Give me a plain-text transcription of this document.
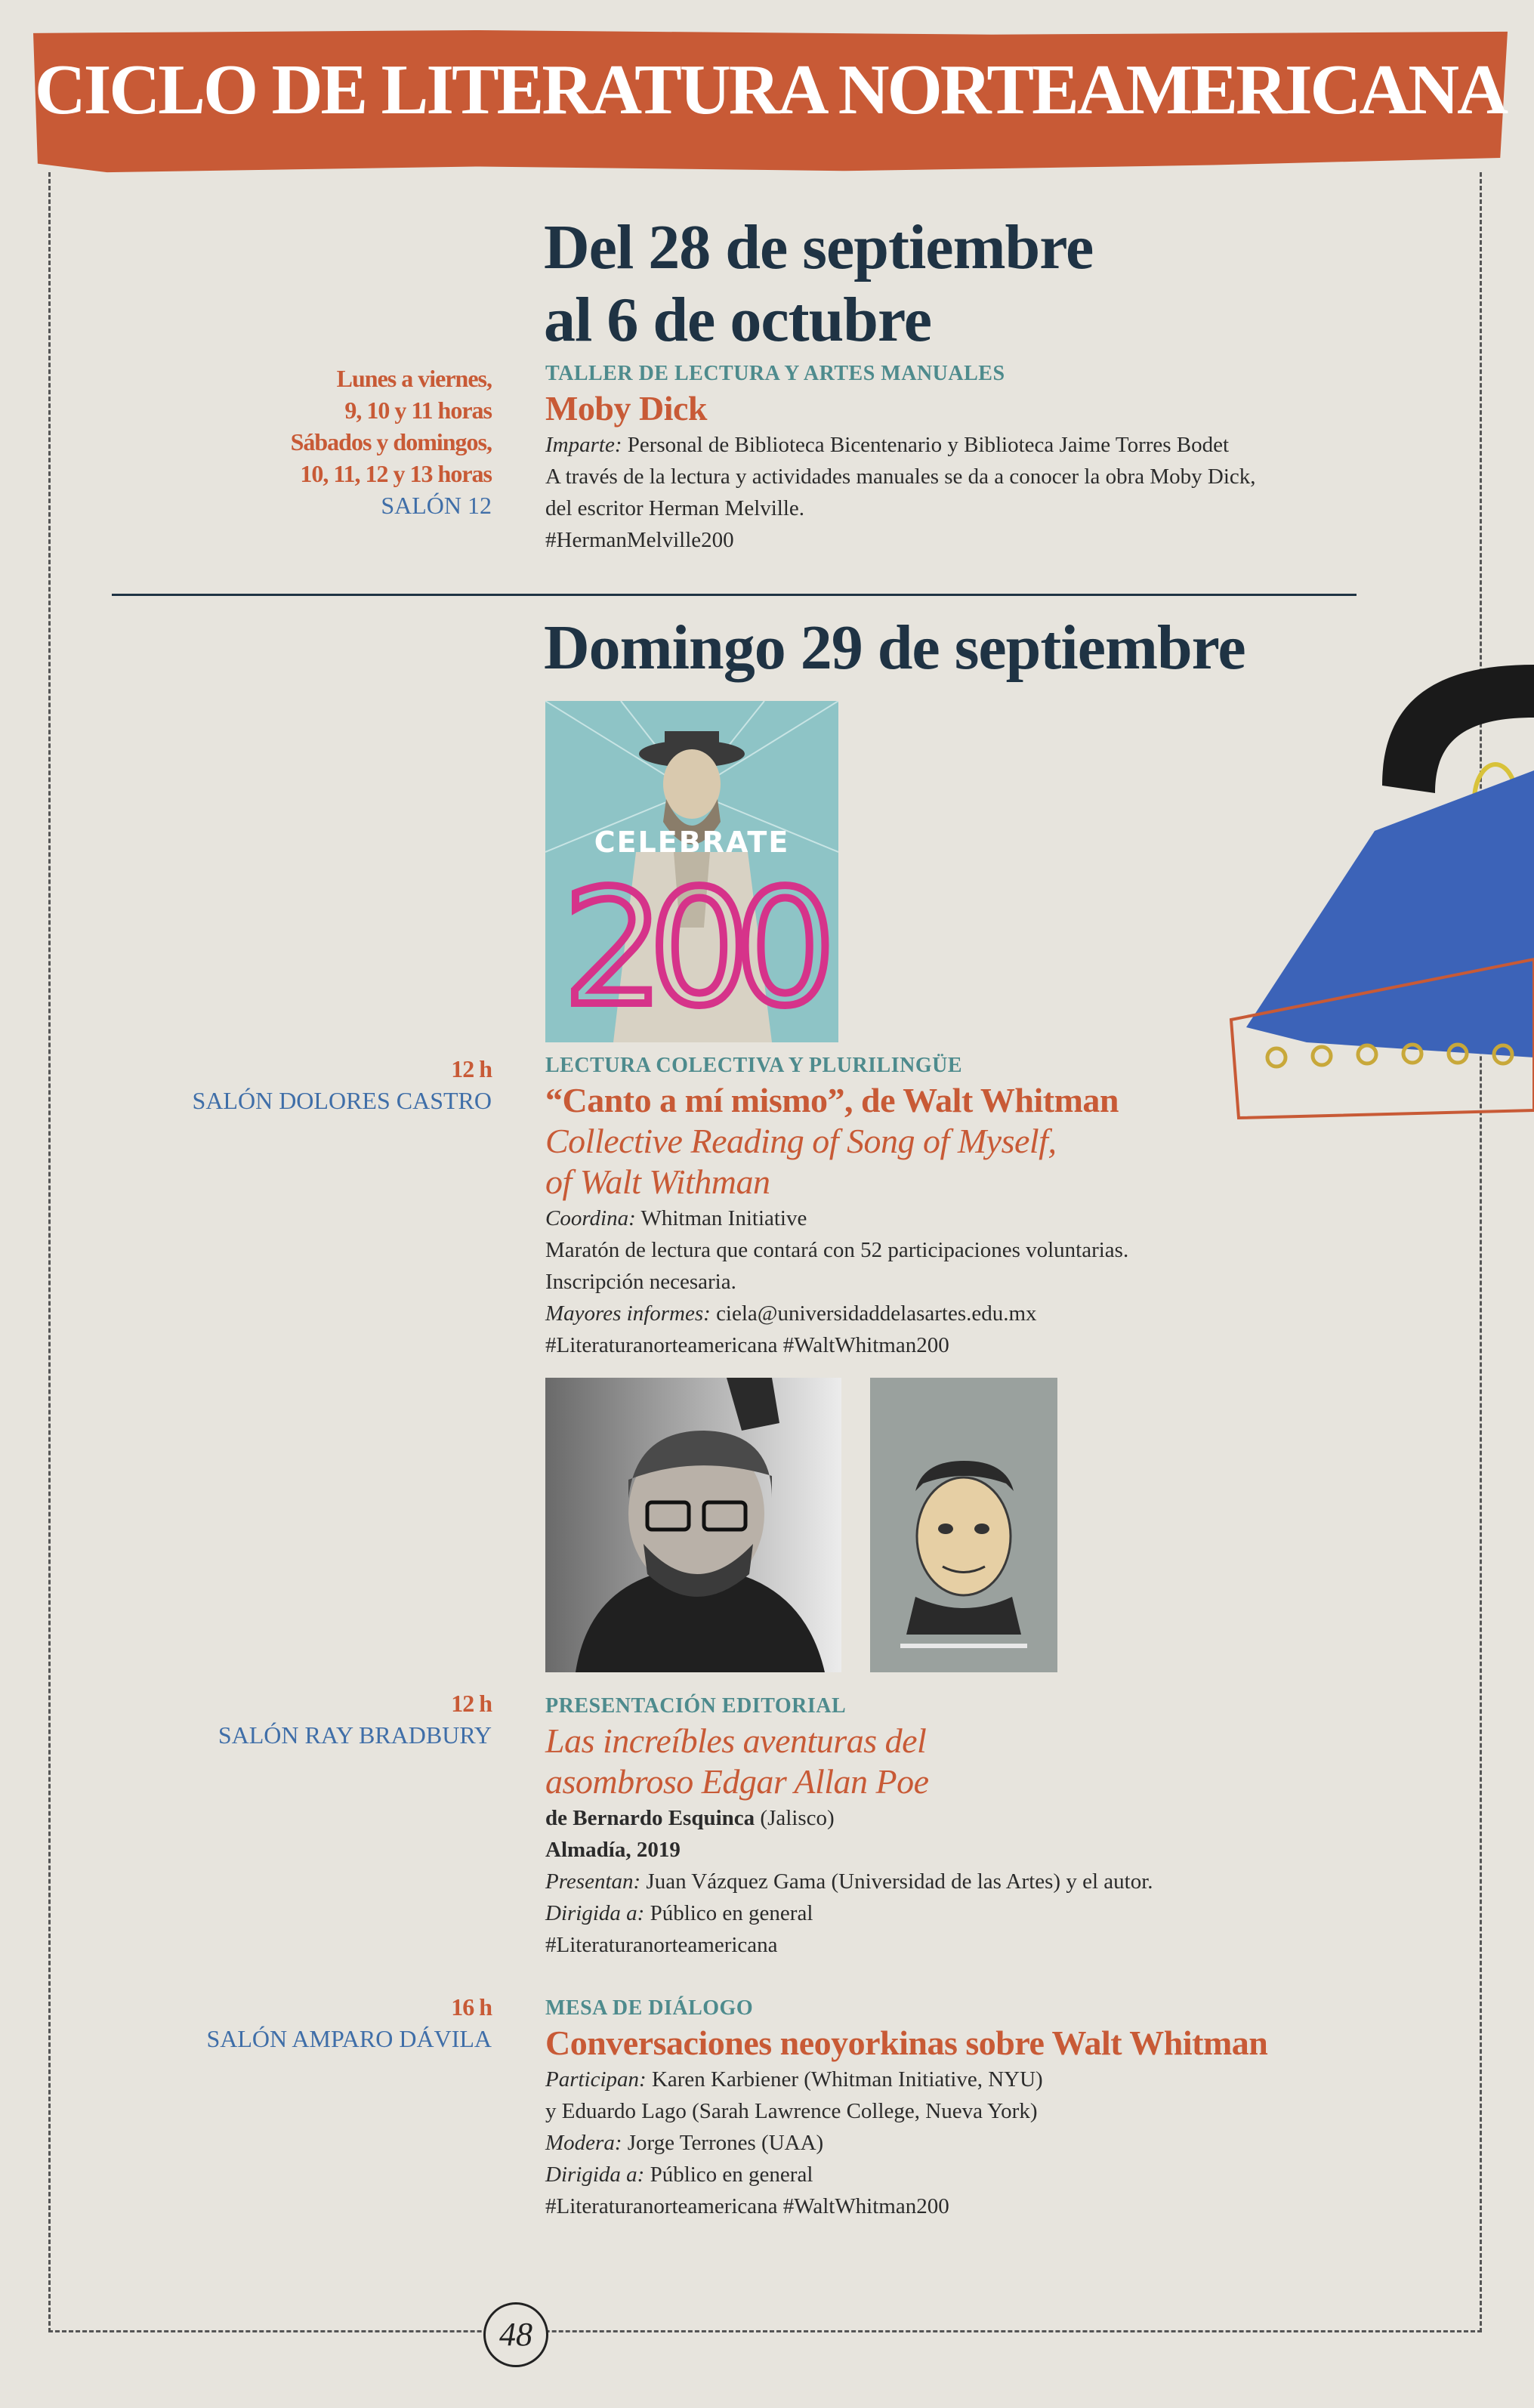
CICLO DE LITERATURA NORTEAMERICANA
Del 28 de septiembre
al 6 de octubre
Lunes a viernes,
9, 10 y 11 horas
Sábados y domingos,
10, 11, 12 y 13 horas
SALÓN 12
TALLER DE LECTURA Y ARTES MANUALES
Moby Dick
Imparte: Personal de Biblioteca Bicentenario y Biblioteca Jaime Torres Bodet
A través de la lectura y actividades manuales se da a conocer la obra Moby Dick,
del escritor Herman Melville.
#HermanMelville200
Domingo 29 de septiembre
CELEBRATE
200
12 h
SALÓN DOLORES CASTRO
LECTURA COLECTIVA Y PLURILINGÜE
“Canto a mí mismo”, de Walt Whitman
Collective Reading of Song of Myself,
of Walt Withman
Coordina: Whitman Initiative
Maratón de lectura que contará con 52 participaciones voluntarias.
Inscripción necesaria.
Mayores informes: ciela@universidaddelasartes.edu.mx
#Literaturanorteamericana #WaltWhitman200
12 h
SALÓN RAY BRADBURY
PRESENTACIÓN EDITORIAL
Las increíbles aventuras del
asombroso Edgar Allan Poe
de Bernardo Esquinca (Jalisco)
Almadía, 2019
Presentan: Juan Vázquez Gama (Universidad de las Artes) y el autor.
Dirigida a: Público en general
#Literaturanorteamericana
16 h
SALÓN AMPARO DÁVILA
MESA DE DIÁLOGO
Conversaciones neoyorkinas sobre Walt Whitman
Participan: Karen Karbiener (Whitman Initiative, NYU)
y Eduardo Lago (Sarah Lawrence College, Nueva York)
Modera: Jorge Terrones (UAA)
Dirigida a: Público en general
#Literaturanorteamericana #WaltWhitman200
48
